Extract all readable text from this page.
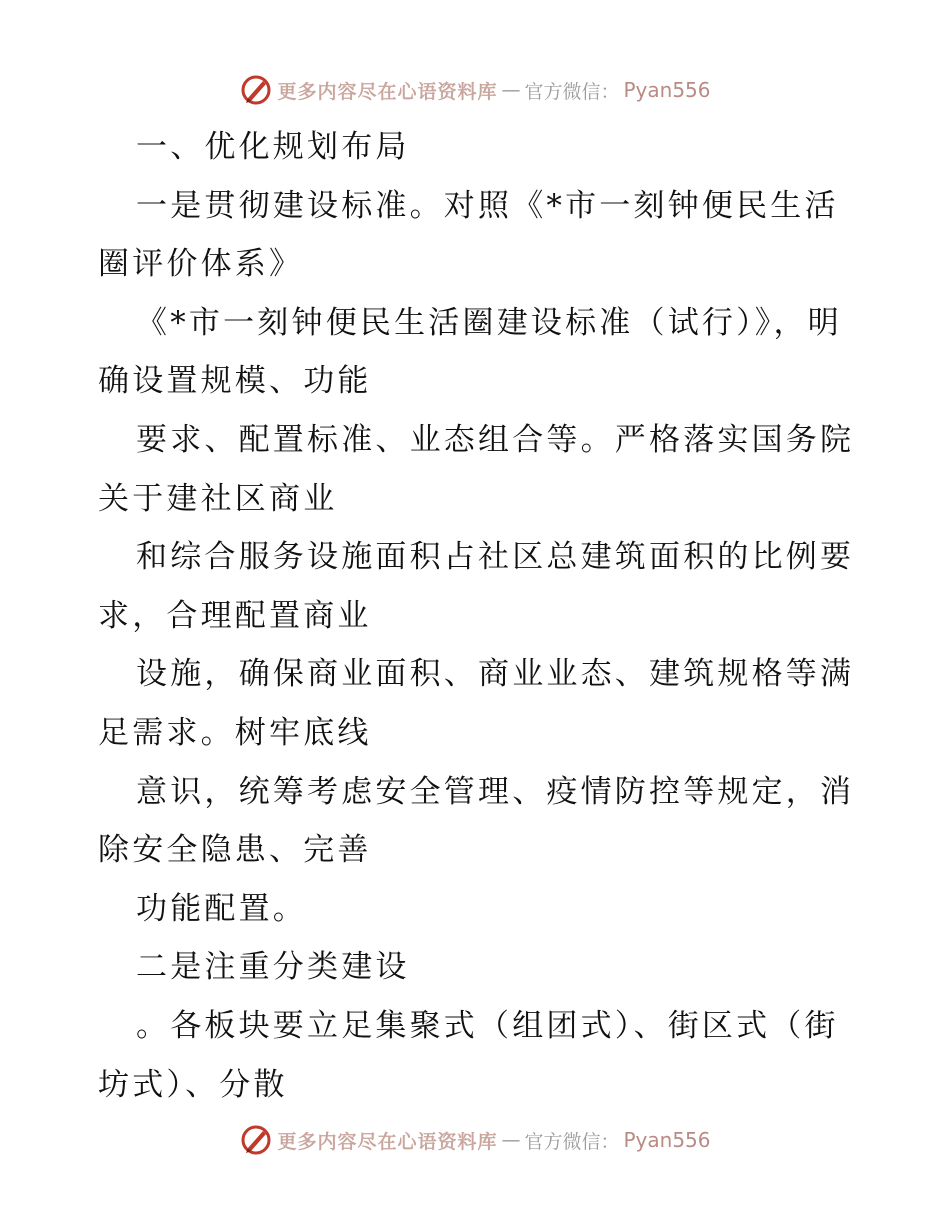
更多内容尽在心语资料库 — 官方微信： Pyan556

一、优化规划布局

一是贯彻建设标准。对照《*市一刻钟便民生活圈评价体系》

《*市一刻钟便民生活圈建设标准（试行）》，明确设置规模、功能

要求、配置标准、业态组合等。严格落实国务院关于建社区商业

和综合服务设施面积占社区总建筑面积的比例要求，合理配置商业

设施，确保商业面积、商业业态、建筑规格等满足需求。树牢底线

意识，统筹考虑安全管理、疫情防控等规定，消除安全隐患、完善

功能配置。

二是注重分类建设

。各板块要立足集聚式（组团式）、街区式（街坊式）、分散

更多内容尽在心语资料库 — 官方微信： Pyan556
